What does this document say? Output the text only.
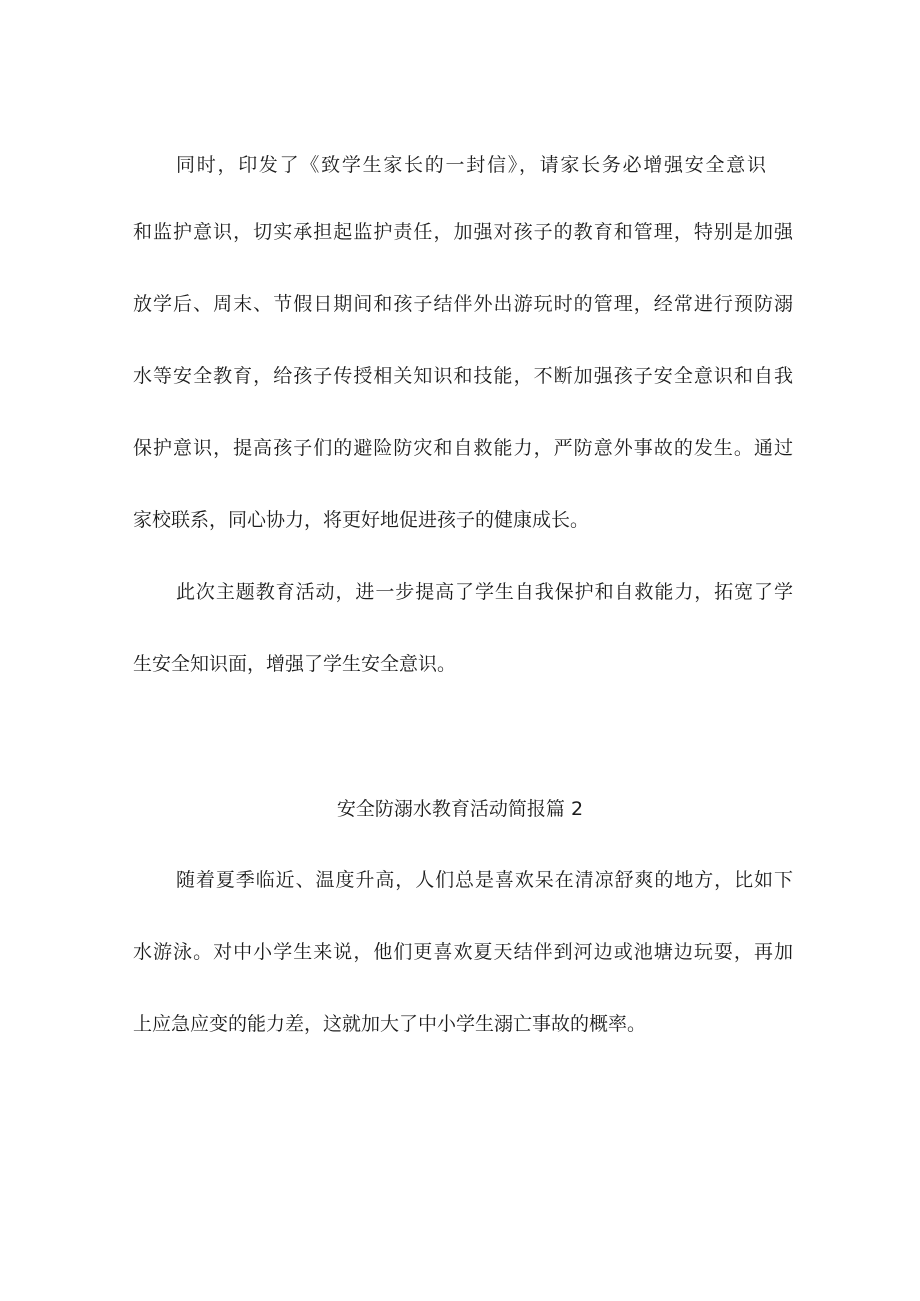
同时，印发了《致学生家长的一封信》，请家长务必增强安全意识
和监护意识，切实承担起监护责任，加强对孩子的教育和管理，特别是加强
放学后、周末、节假日期间和孩子结伴外出游玩时的管理，经常进行预防溺
水等安全教育，给孩子传授相关知识和技能，不断加强孩子安全意识和自我
保护意识，提高孩子们的避险防灾和自救能力，严防意外事故的发生。通过
家校联系，同心协力，将更好地促进孩子的健康成长。
此次主题教育活动，进一步提高了学生自我保护和自救能力，拓宽了学
生安全知识面，增强了学生安全意识。
安全防溺水教育活动简报篇 2
随着夏季临近、温度升高，人们总是喜欢呆在清凉舒爽的地方，比如下
水游泳。对中小学生来说，他们更喜欢夏天结伴到河边或池塘边玩耍，再加
上应急应变的能力差，这就加大了中小学生溺亡事故的概率。
